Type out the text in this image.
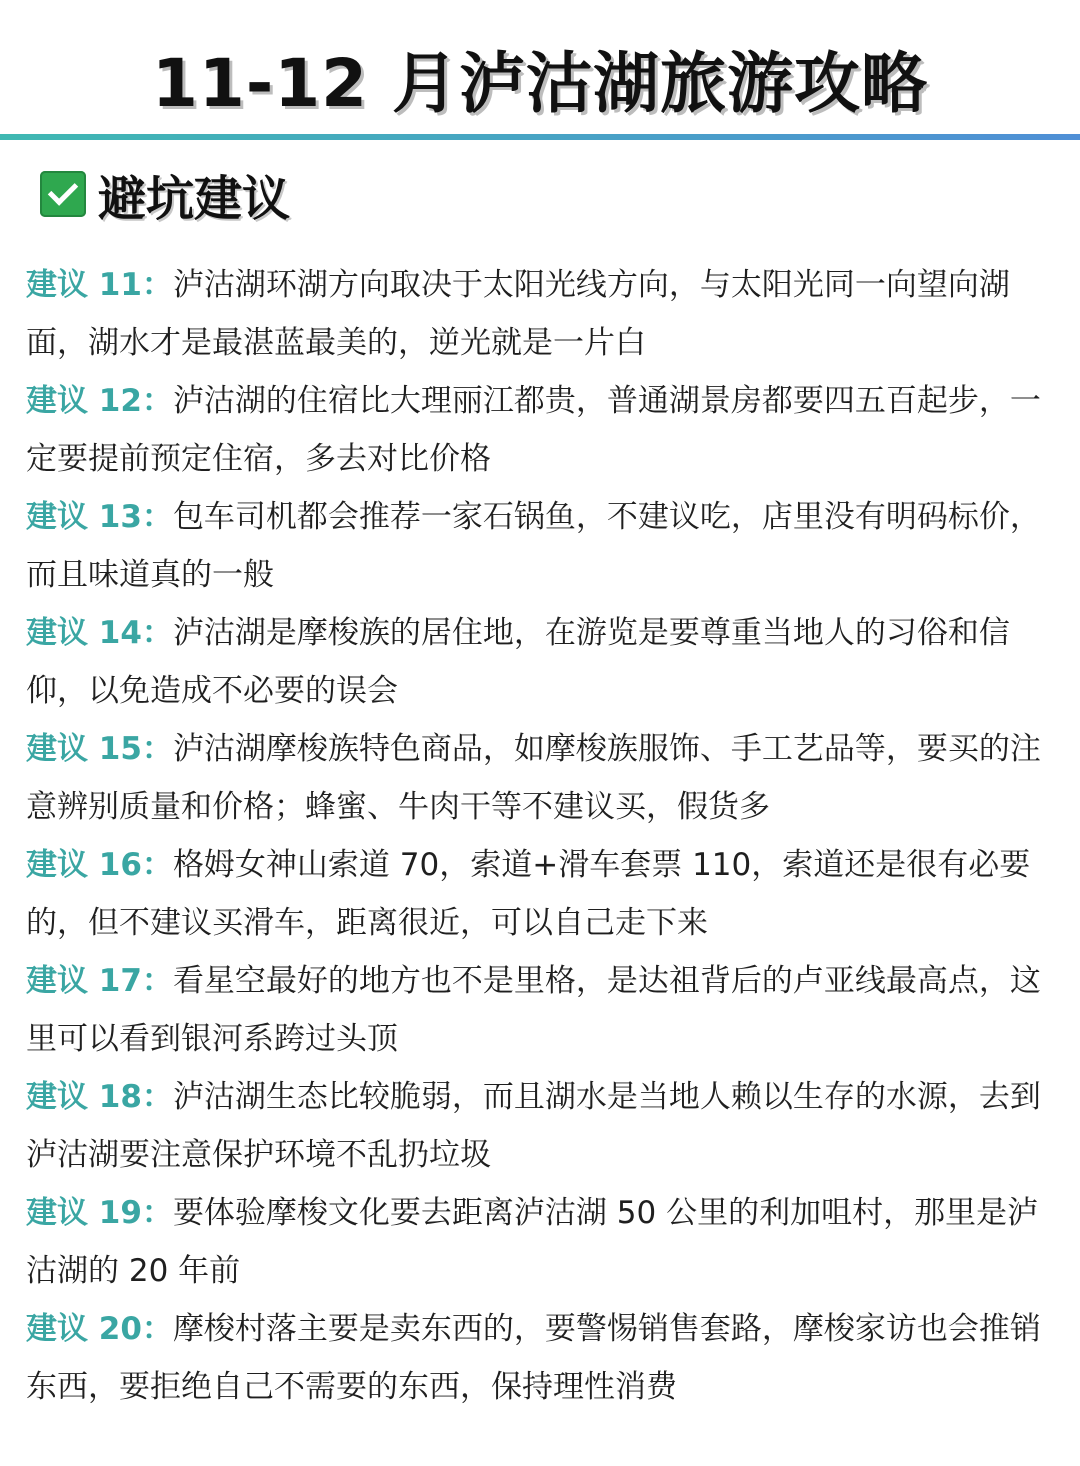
11-12 月泸沽湖旅游攻略
避坑建议
建议 11：泸沽湖环湖方向取决于太阳光线方向，与太阳光同一向望向湖面，湖水才是最湛蓝最美的，逆光就是一片白
建议 12：泸沽湖的住宿比大理丽江都贵，普通湖景房都要四五百起步，一定要提前预定住宿，多去对比价格
建议 13：包车司机都会推荐一家石锅鱼，不建议吃，店里没有明码标价，而且味道真的一般
建议 14：泸沽湖是摩梭族的居住地，在游览是要尊重当地人的习俗和信仰，以免造成不必要的误会
建议 15：泸沽湖摩梭族特色商品，如摩梭族服饰、手工艺品等，要买的注意辨别质量和价格；蜂蜜、牛肉干等不建议买，假货多
建议 16：格姆女神山索道 70，索道+滑车套票 110，索道还是很有必要的，但不建议买滑车，距离很近，可以自己走下来
建议 17：看星空最好的地方也不是里格，是达祖背后的卢亚线最高点，这里可以看到银河系跨过头顶
建议 18：泸沽湖生态比较脆弱，而且湖水是当地人赖以生存的水源，去到泸沽湖要注意保护环境不乱扔垃圾
建议 19：要体验摩梭文化要去距离泸沽湖 50 公里的利加咀村，那里是泸沽湖的 20 年前
建议 20：摩梭村落主要是卖东西的，要警惕销售套路，摩梭家访也会推销东西，要拒绝自己不需要的东西，保持理性消费
